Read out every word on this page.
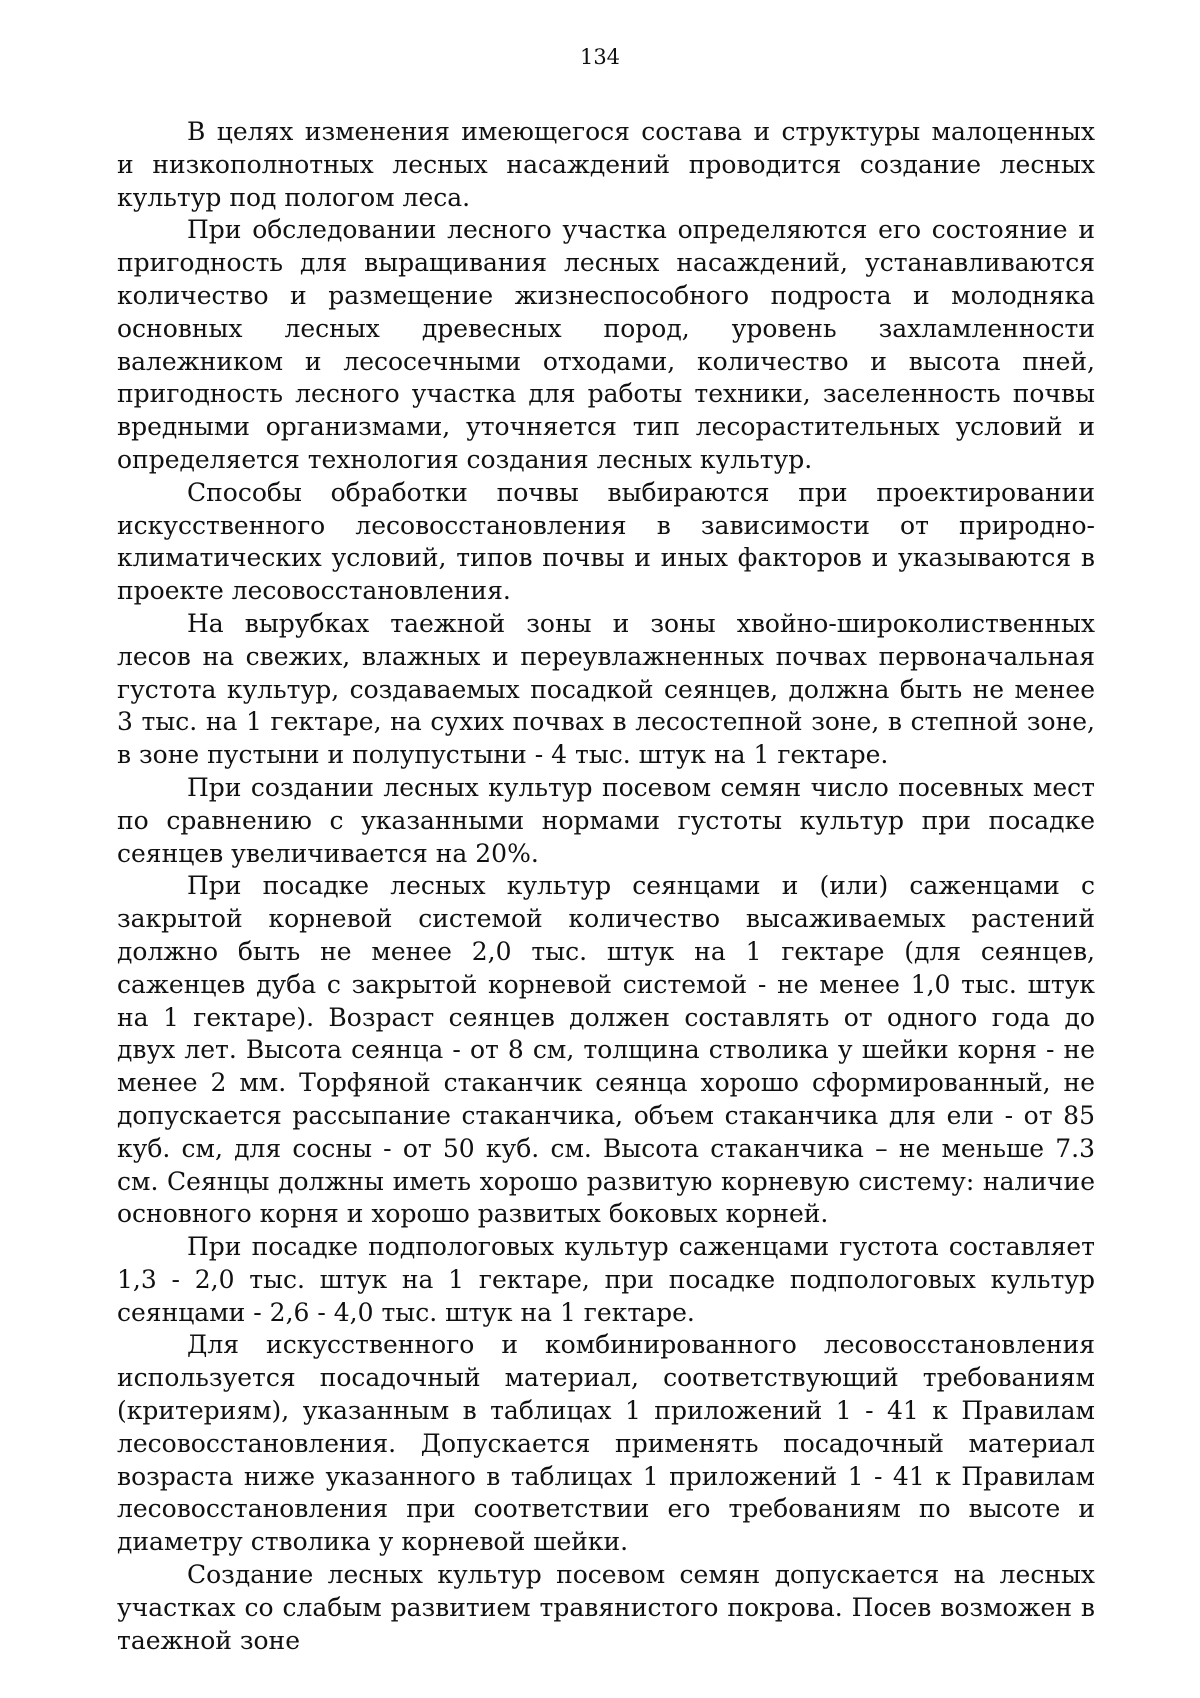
134

В целях изменения имеющегося состава и структуры малоценных и низкополнотных лесных насаждений проводится создание лесных культур под пологом леса.

При обследовании лесного участка определяются его состояние и пригодность для выращивания лесных насаждений, устанавливаются количество и размещение жизнеспособного подроста и молодняка основных лесных древесных пород, уровень захламленности валежником и лесосечными отходами, количество и высота пней, пригодность лесного участка для работы техники, заселенность почвы вредными организмами, уточняется тип лесорастительных условий и определяется технология создания лесных культур.

Способы обработки почвы выбираются при проектировании искусственного лесовосстановления в зависимости от природно-климатических условий, типов почвы и иных факторов и указываются в проекте лесовосстановления.

На вырубках таежной зоны и зоны хвойно-широколиственных лесов на свежих, влажных и переувлажненных почвах первоначальная густота культур, создаваемых посадкой сеянцев, должна быть не менее 3 тыс. на 1 гектаре, на сухих почвах в лесостепной зоне, в степной зоне, в зоне пустыни и полупустыни - 4 тыс. штук на 1 гектаре.

При создании лесных культур посевом семян число посевных мест по сравнению с указанными нормами густоты культур при посадке сеянцев увеличивается на 20%.

При посадке лесных культур сеянцами и (или) саженцами с закрытой корневой системой количество высаживаемых растений должно быть не менее 2,0 тыс. штук на 1 гектаре (для сеянцев, саженцев дуба с закрытой корневой системой - не менее 1,0 тыс. штук на 1 гектаре). Возраст сеянцев должен составлять от одного года до двух лет. Высота сеянца - от 8 см, толщина стволика у шейки корня - не менее 2 мм. Торфяной стаканчик сеянца хорошо сформированный, не допускается рассыпание стаканчика, объем стаканчика для ели - от 85 куб. см, для сосны - от 50 куб. см. Высота стаканчика – не меньше 7.3 см. Сеянцы должны иметь хорошо развитую корневую систему: наличие основного корня и хорошо развитых боковых корней.

При посадке подпологовых культур саженцами густота составляет 1,3 - 2,0 тыс. штук на 1 гектаре, при посадке подпологовых культур сеянцами - 2,6 - 4,0 тыс. штук на 1 гектаре.

Для искусственного и комбинированного лесовосстановления используется посадочный материал, соответствующий требованиям (критериям), указанным в таблицах 1 приложений 1 - 41 к Правилам лесовосстановления. Допускается применять посадочный материал возраста ниже указанного в таблицах 1 приложений 1 - 41 к Правилам лесовосстановления при соответствии его требованиям по высоте и диаметру стволика у корневой шейки.

Создание лесных культур посевом семян допускается на лесных участках со слабым развитием травянистого покрова. Посев возможен в таежной зоне
